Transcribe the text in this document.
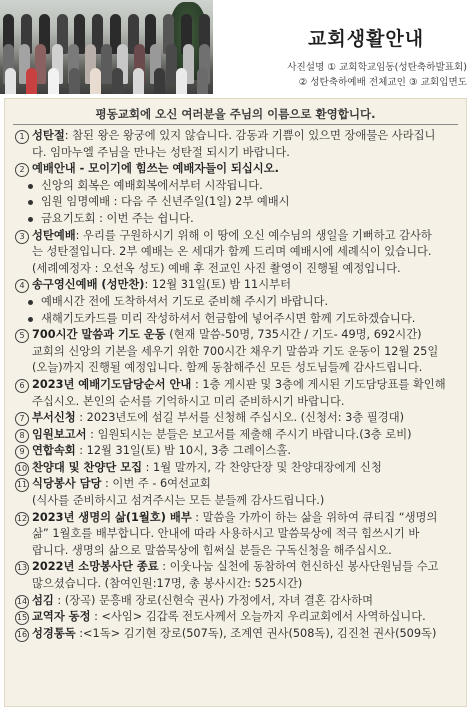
교회생활안내
사진설명 ① 교회학교임동(성탄축하발표회)
② 성탄축하예배 전체교인 ③ 교회입면도
평동교회에 오신 여러분을 주님의 이름으로 환영합니다.
1 성탄절: 참된 왕은 왕궁에 있지 않습니다. 감동과 기쁨이 있으면 장애물은 사라집니
다. 임마누엘 주님을 만나는 성탄절 되시기 바랍니다.
2 예배안내 - 모이기에 힘쓰는 예배자들이 되십시오.
신앙의 회복은 예배회복에서부터 시작됩니다.
임원 임명예배 : 다음 주 신년주일(1일) 2부 예배시
금요기도회 : 이번 주는 쉽니다.
3 성탄예배: 우리를 구원하시기 위해 이 땅에 오신 예수님의 생일을 기뻐하고 감사하
는 성탄절입니다. 2부 예배는 온 세대가 함께 드리며 예배시에 세례식이 있습니다.
(세례예정자 : 오선옥 성도) 예배 후 전교인 사진 촬영이 진행될 예정입니다.
4 송구영신예배 (성만찬): 12월 31일(토) 밤 11시부터
예배시간 전에 도착하셔서 기도로 준비해 주시기 바랍니다.
새해기도카드를 미리 작성하셔서 헌금함에 넣어주시면 함께 기도하겠습니다.
5 700시간 말씀과 기도 운동 (현재 말씀-50명, 735시간 / 기도- 49명, 692시간)
교회의 신앙의 기본을 세우기 위한 700시간 채우기 말씀과 기도 운동이 12월 25일
(오늘)까지 진행될 예정입니다. 함께 동참해주신 모든 성도님들께 감사드립니다.
6 2023년 예배기도담당순서 안내 : 1층 게시판 및 3층에 게시된 기도담당표를 확인해
주십시오. 본인의 순서를 기억하시고 미리 준비하시기 바랍니다.
7 부서신청 : 2023년도에 섬길 부서를 신청해 주십시오. (신청서: 3층 필경대)
8 임원보고서 : 임원되시는 분들은 보고서를 제출해 주시기 바랍니다.(3층 로비)
9 연합속회 : 12월 31일(토) 밤 10시, 3층 그레이스홀.
10 찬양대 및 찬양단 모집 : 1월 말까지, 각 찬양단장 및 찬양대장에게 신청
11 식당봉사 담당 : 이번 주 - 6여선교회
(식사를 준비하시고 섬겨주시는 모든 분들께 감사드립니다.)
12 2023년 생명의 삶(1월호) 배부 : 말씀을 가까이 하는 삶을 위하여 큐티집 “생명의
삶” 1월호를 배부합니다. 안내에 따라 사용하시고 말씀묵상에 적극 힘쓰시기 바
랍니다. 생명의 삶으로 말씀묵상에 힘써실 분들은 구독신청을 해주십시오.
13 2022년 소망봉사단 종료 : 이웃나눔 실천에 동참하여 헌신하신 봉사단원님들 수고
많으셨습니다. (참여인원:17명, 총 봉사시간: 525시간)
14 섬김 : (장곡) 문흥배 장로(신현숙 권사) 가정에서, 자녀 결혼 감사하며
15 교역자 동정 : <사임> 김갑록 전도사께서 오늘까지 우리교회에서 사역하십니다.
16 성경통독 :<1독> 김기현 장로(507독), 조계연 권사(508독), 김진천 권사(509독)
